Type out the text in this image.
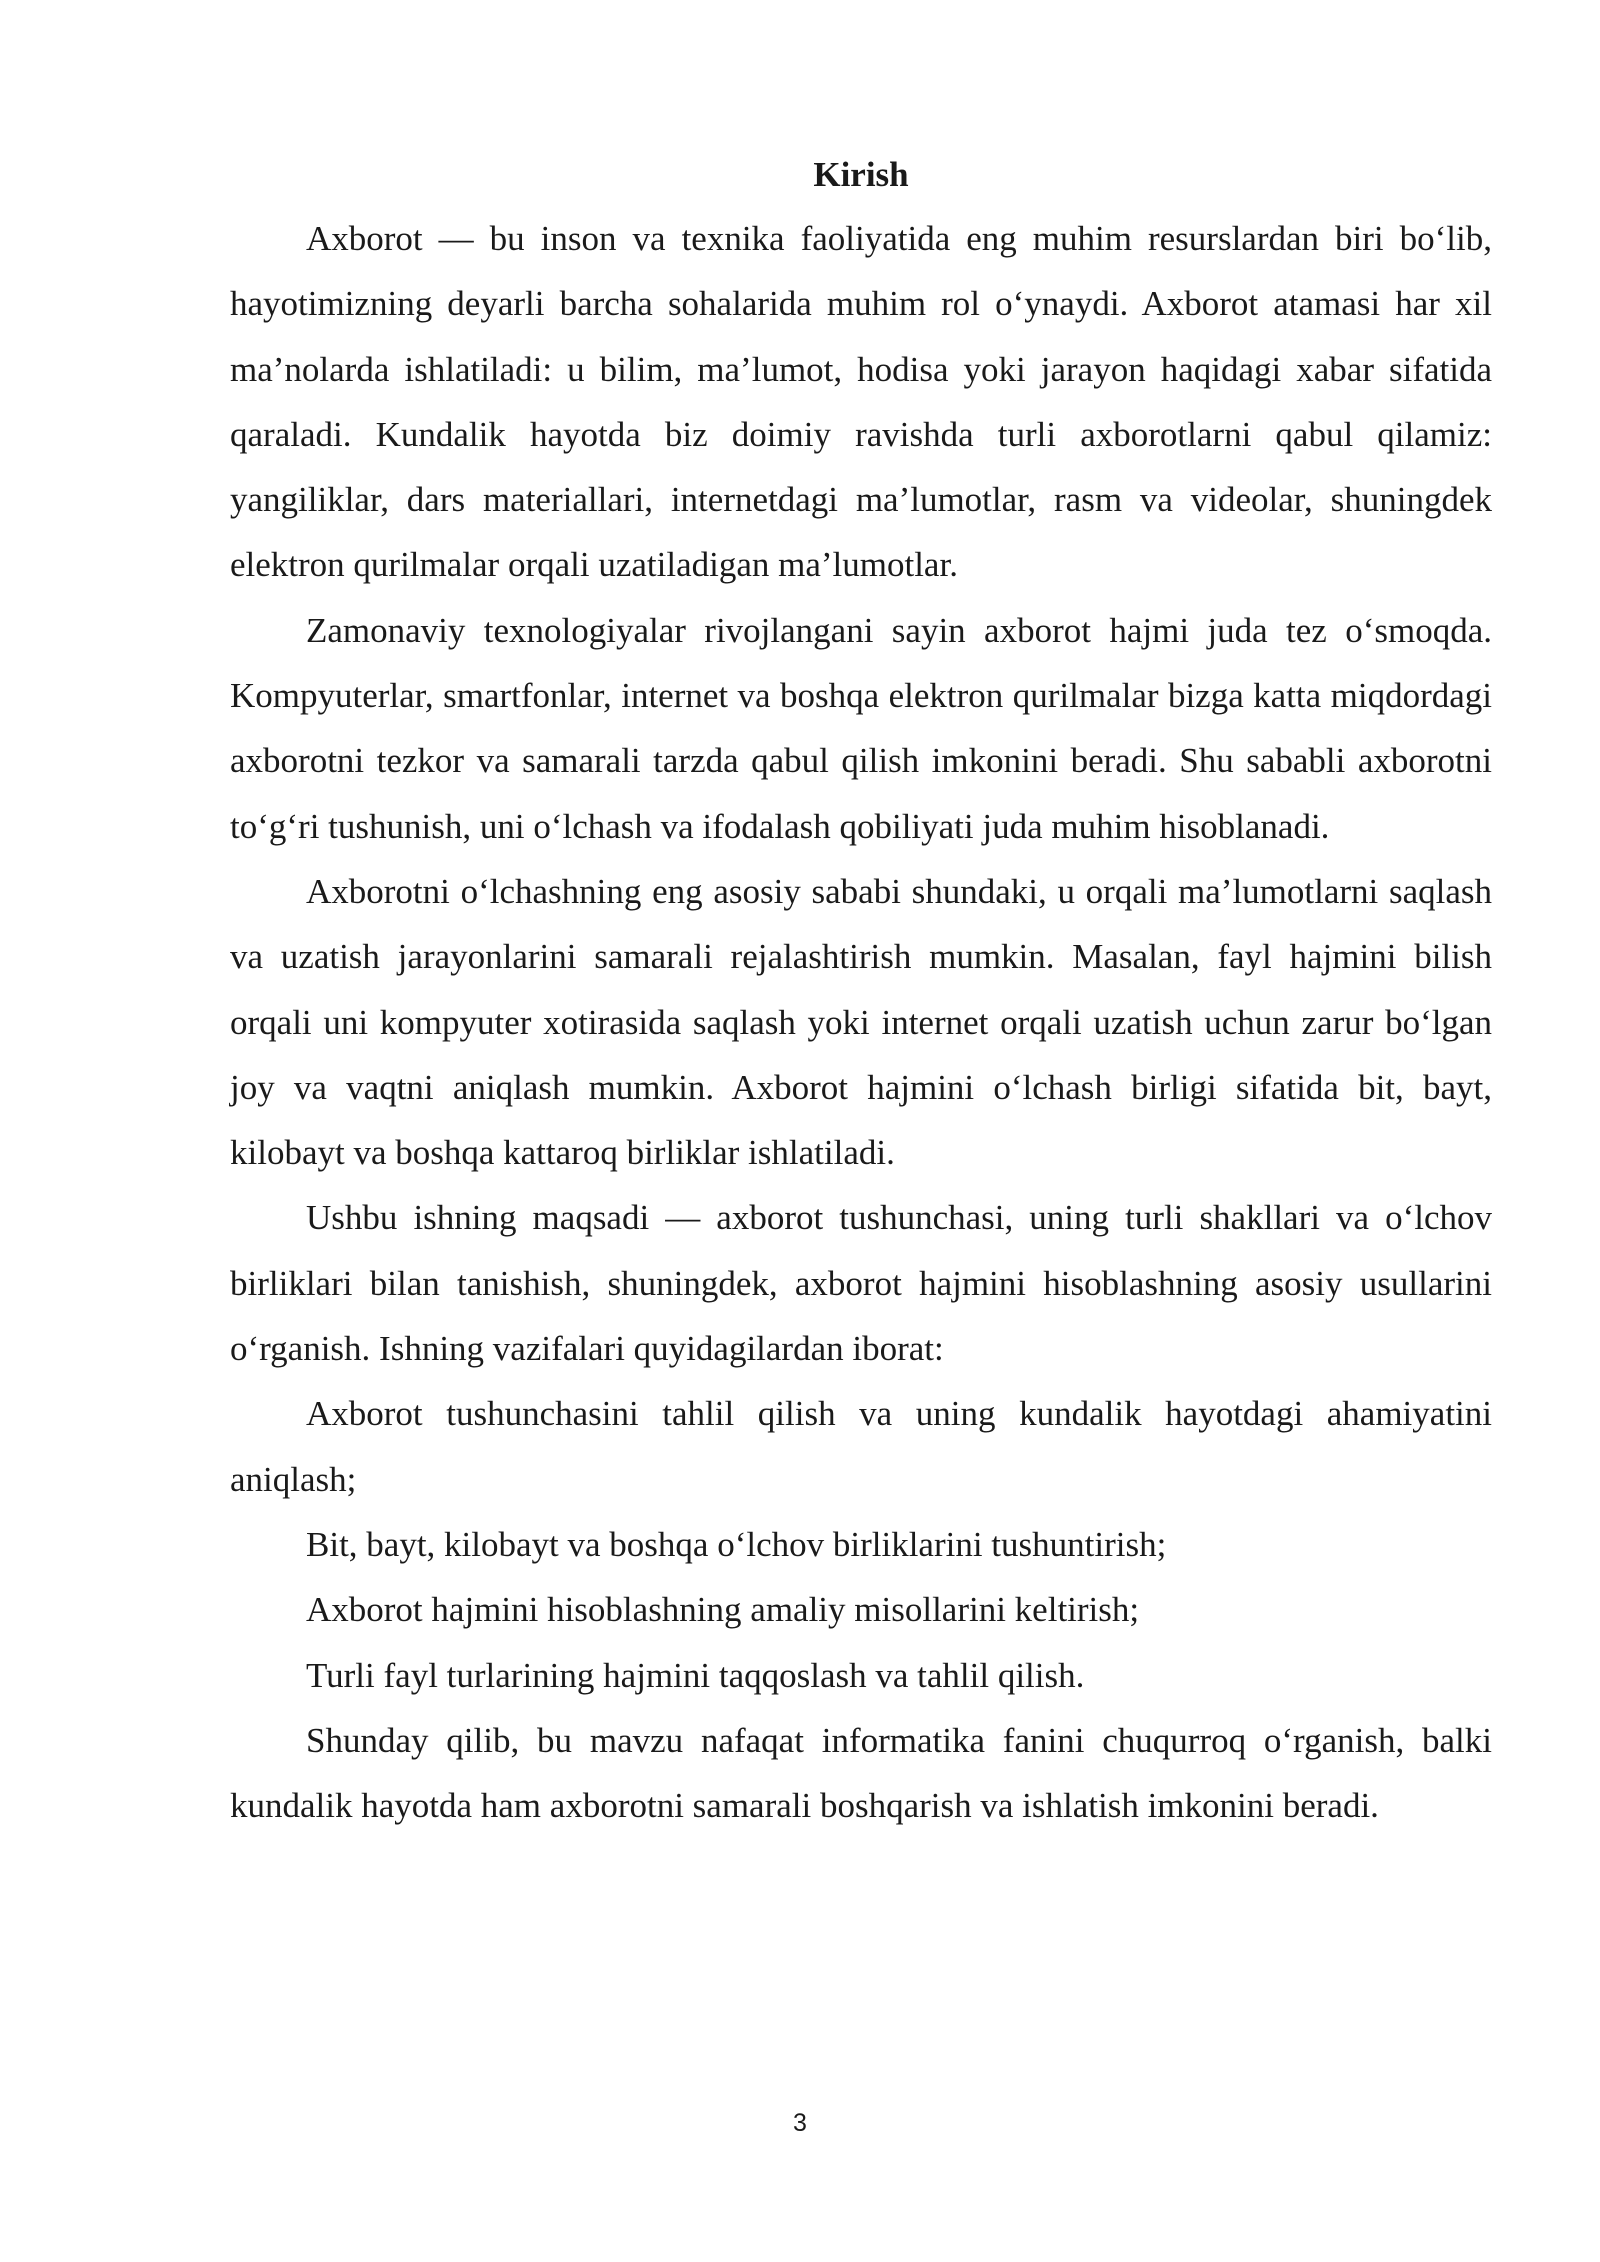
Kirish

Axborot — bu inson va texnika faoliyatida eng muhim resurslardan biri bo‘lib, hayotimizning deyarli barcha sohalarida muhim rol o‘ynaydi. Axborot atamasi har xil ma’nolarda ishlatiladi: u bilim, ma’lumot, hodisa yoki jarayon haqidagi xabar sifatida qaraladi. Kundalik hayotda biz doimiy ravishda turli axborotlarni qabul qilamiz: yangiliklar, dars materiallari, internetdagi ma’lumotlar, rasm va videolar, shuningdek elektron qurilmalar orqali uzatiladigan ma’lumotlar.

Zamonaviy texnologiyalar rivojlangani sayin axborot hajmi juda tez o‘smoqda. Kompyuterlar, smartfonlar, internet va boshqa elektron qurilmalar bizga katta miqdordagi axborotni tezkor va samarali tarzda qabul qilish imkonini beradi. Shu sababli axborotni to‘g‘ri tushunish, uni o‘lchash va ifodalash qobiliyati juda muhim hisoblanadi.

Axborotni o‘lchashning eng asosiy sababi shundaki, u orqali ma’lumotlarni saqlash va uzatish jarayonlarini samarali rejalashtirish mumkin. Masalan, fayl hajmini bilish orqali uni kompyuter xotirasida saqlash yoki internet orqali uzatish uchun zarur bo‘lgan joy va vaqtni aniqlash mumkin. Axborot hajmini o‘lchash birligi sifatida bit, bayt, kilobayt va boshqa kattaroq birliklar ishlatiladi.

Ushbu ishning maqsadi — axborot tushunchasi, uning turli shakllari va o‘lchov birliklari bilan tanishish, shuningdek, axborot hajmini hisoblashning asosiy usullarini o‘rganish. Ishning vazifalari quyidagilardan iborat:

Axborot tushunchasini tahlil qilish va uning kundalik hayotdagi ahamiyatini aniqlash;

Bit, bayt, kilobayt va boshqa o‘lchov birliklarini tushuntirish;

Axborot hajmini hisoblashning amaliy misollarini keltirish;

Turli fayl turlarining hajmini taqqoslash va tahlil qilish.

Shunday qilib, bu mavzu nafaqat informatika fanini chuqurroq o‘rganish, balki kundalik hayotda ham axborotni samarali boshqarish va ishlatish imkonini beradi.

3
